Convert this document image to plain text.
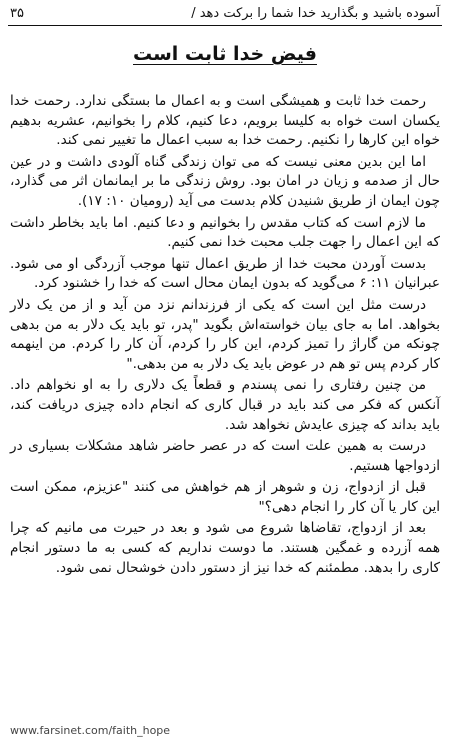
آسوده باشید و بگذارید خدا شما را برکت دهد /
۳۵
فیض خدا ثابت است

رحمت خدا ثابت و همیشگی است و به اعمال ما بستگی ندارد. رحمت خدا یکسان است خواه به کلیسا برویم، دعا کنیم، کلام را بخوانیم، عشریه بدهیم خواه این کارها را نکنیم. رحمت خدا به سبب اعمال ما تغییر نمی کند.

اما این بدین معنی نیست که می توان زندگی گناه آلودی داشت و در عین حال از صدمه و زیان در امان بود. روش زندگی ما بر ایمانمان اثر می گذارد، چون ایمان از طریق شنیدن کلام بدست می آید (رومیان ۱۰: ۱۷).

ما لازم است که کتاب مقدس را بخوانیم و دعا کنیم. اما باید بخاطر داشت که این اعمال را جهت جلب محبت خدا نمی کنیم.

بدست آوردن محبت خدا از طریق اعمال تنها موجب آزردگی او می شود. عبرانیان ۱۱: ۶ می‌گوید که بدون ایمان محال است که خدا را خشنود کرد.

درست مثل این است که یکی از فرزندانم نزد من آید و از من یک دلار بخواهد. اما به جای بیان خواسته‌اش بگوید "پدر، تو باید یک دلار به من بدهی چونکه من گاراژ را تمیز کردم، این کار را کردم، آن کار را کردم. من اینهمه کار کردم پس تو هم در عوض باید یک دلار به من بدهی."

من چنین رفتاری را نمی پسندم و قطعاً یک دلاری را به او نخواهم داد. آنکس که فکر می کند باید در قبال کاری که انجام داده چیزی دریافت کند، باید بداند که چیزی عایدش نخواهد شد.

درست به همین علت است که در عصر حاضر شاهد مشکلات بسیاری در ازدواجها هستیم.

قبل از ازدواج، زن و شوهر از هم خواهش می کنند "عزیزم، ممکن است این کار یا آن کار را انجام دهی؟"

بعد از ازدواج، تقاضاها شروع می شود و بعد در حیرت می مانیم که چرا همه آزرده و غمگین هستند. ما دوست نداریم که کسی به ما دستور انجام کاری را بدهد. مطمئنم که خدا نیز از دستور دادن خوشحال نمی شود.

www.farsinet.com/faith_hope
